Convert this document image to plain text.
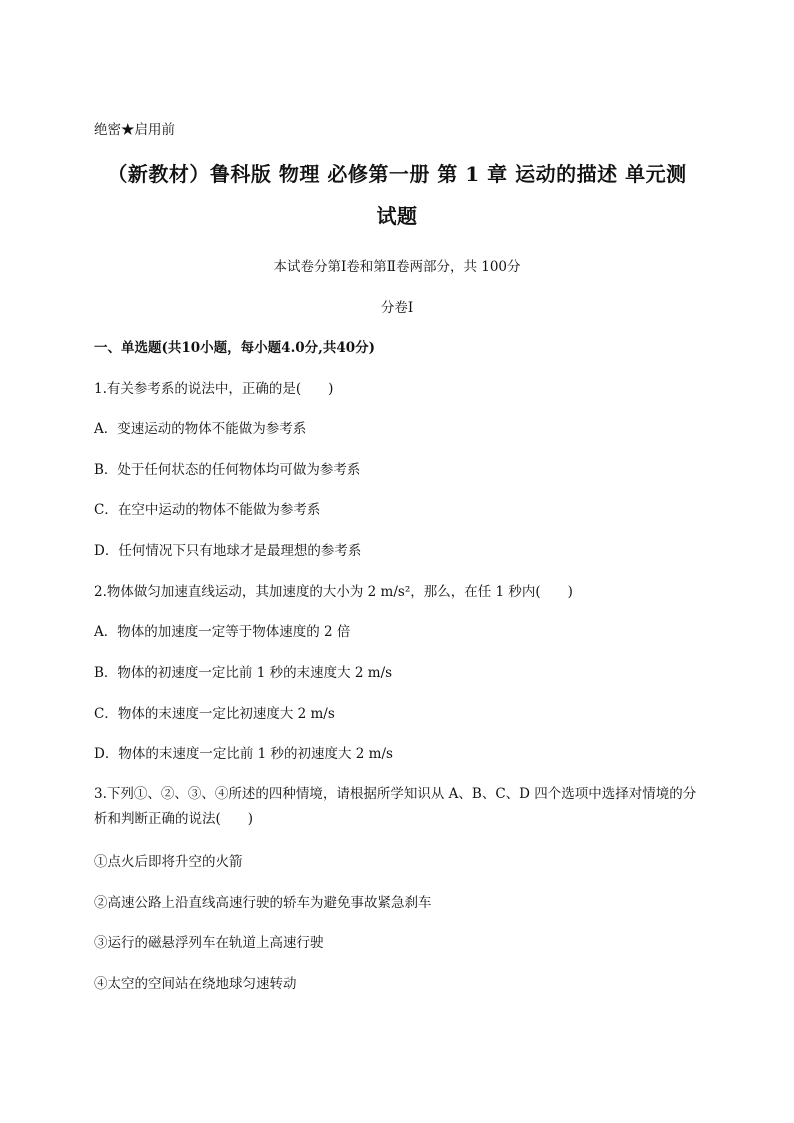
绝密★启用前
（新教材）鲁科版 物理 必修第一册 第 1 章 运动的描述 单元测
试题
本试卷分第Ⅰ卷和第Ⅱ卷两部分，共 100分
分卷I
一、单选题(共10小题，每小题4.0分,共40分)
1.有关参考系的说法中，正确的是(　　)
A．变速运动的物体不能做为参考系
B．处于任何状态的任何物体均可做为参考系
C．在空中运动的物体不能做为参考系
D．任何情况下只有地球才是最理想的参考系
2.物体做匀加速直线运动，其加速度的大小为 2 m/s²，那么，在任 1 秒内(　　)
A．物体的加速度一定等于物体速度的 2 倍
B．物体的初速度一定比前 1 秒的末速度大 2 m/s
C．物体的末速度一定比初速度大 2 m/s
D．物体的末速度一定比前 1 秒的初速度大 2 m/s
3.下列①、②、③、④所述的四种情境，请根据所学知识从 A、B、C、D 四个选项中选择对情境的分析和判断正确的说法(　　)
①点火后即将升空的火箭
②高速公路上沿直线高速行驶的轿车为避免事故紧急刹车
③运行的磁悬浮列车在轨道上高速行驶
④太空的空间站在绕地球匀速转动
